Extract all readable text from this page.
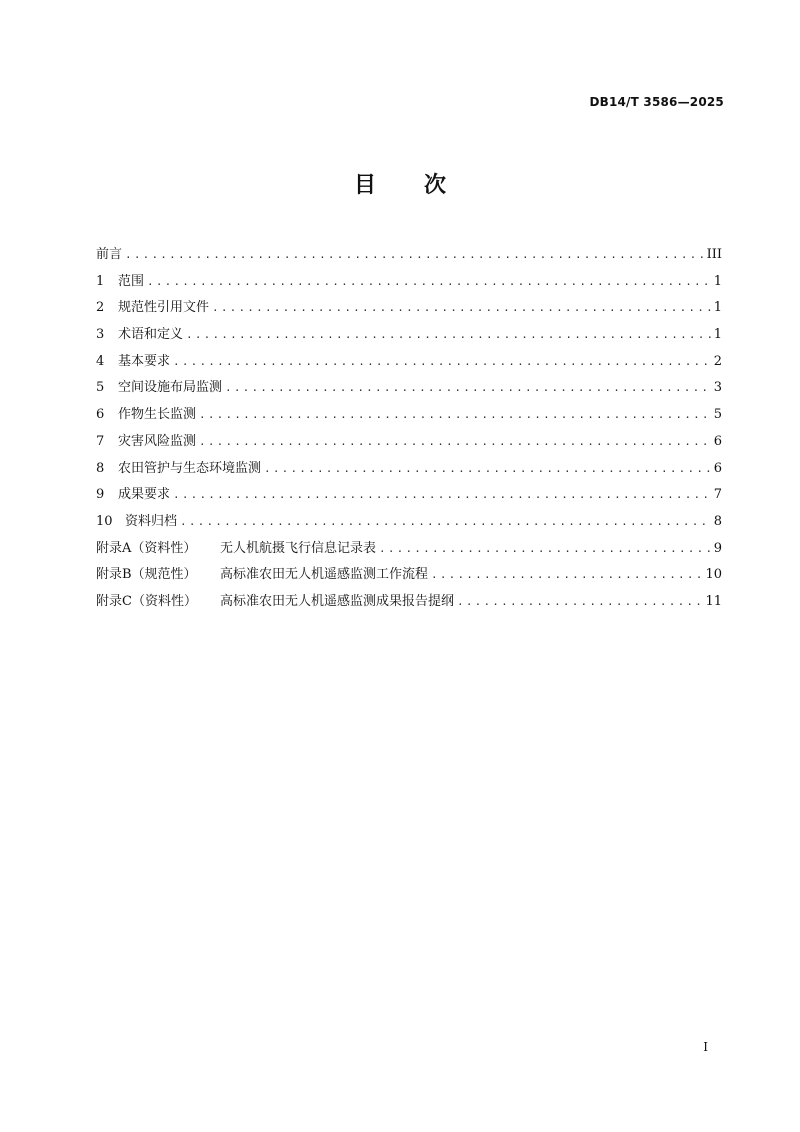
DB14/T 3586—2025
目 次
前言 .....	III
1 范围 .....	1
2 规范性引用文件 .....	1
3 术语和定义 .....	1
4 基本要求 .....	2
5 空间设施布局监测 .....	3
6 作物生长监测 .....	5
7 灾害风险监测 .....	6
8 农田管护与生态环境监测 .....	6
9 成果要求 .....	7
10 资料归档 .....	8
附录A（资料性） 无人机航摄飞行信息记录表 .....	9
附录B（规范性） 高标准农田无人机遥感监测工作流程 .....	10
附录C（资料性） 高标准农田无人机遥感监测成果报告提纲 .....	11
I
